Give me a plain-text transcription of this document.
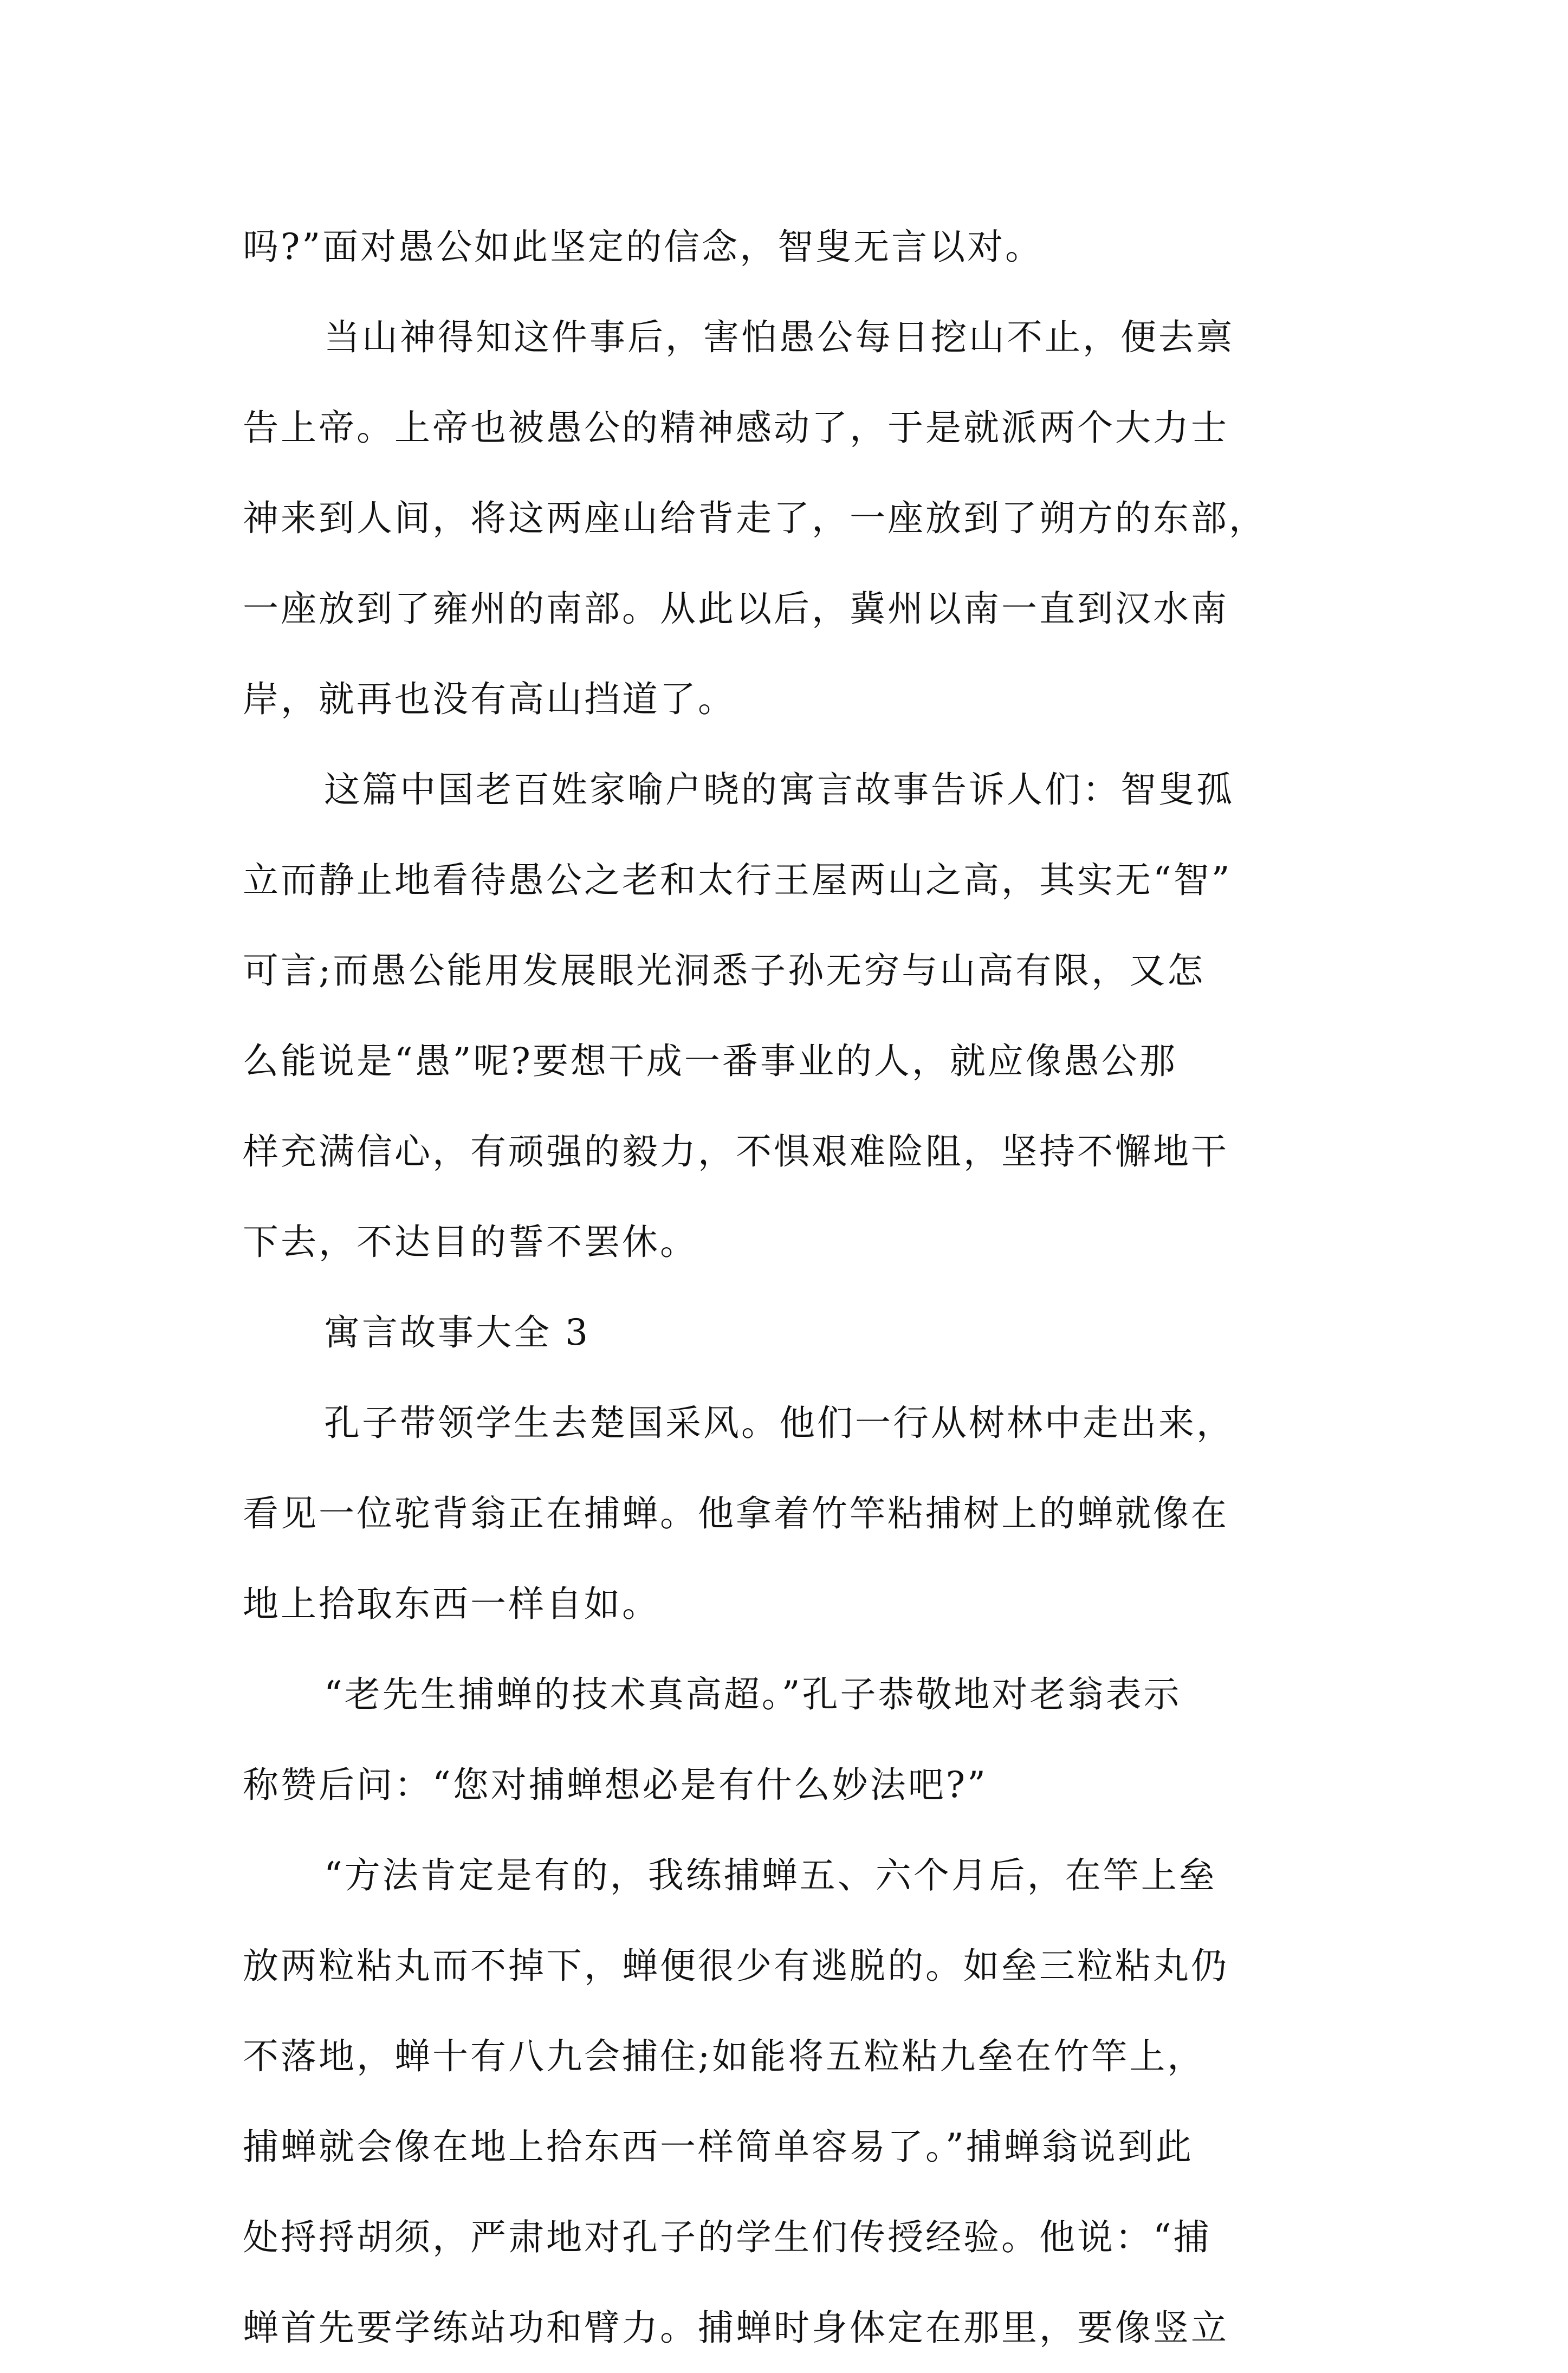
吗?”面对愚公如此坚定的信念，智叟无言以对。
当山神得知这件事后，害怕愚公每日挖山不止，便去禀
告上帝。上帝也被愚公的精神感动了，于是就派两个大力士
神来到人间，将这两座山给背走了，一座放到了朔方的东部，
一座放到了雍州的南部。从此以后，冀州以南一直到汉水南
岸，就再也没有高山挡道了。
这篇中国老百姓家喻户晓的寓言故事告诉人们：智叟孤
立而静止地看待愚公之老和太行王屋两山之高，其实无“智”
可言;而愚公能用发展眼光洞悉子孙无穷与山高有限，又怎
么能说是“愚”呢?要想干成一番事业的人，就应像愚公那
样充满信心，有顽强的毅力，不惧艰难险阻，坚持不懈地干
下去，不达目的誓不罢休。
寓言故事大全 3
孔子带领学生去楚国采风。他们一行从树林中走出来，
看见一位驼背翁正在捕蝉。他拿着竹竿粘捕树上的蝉就像在
地上拾取东西一样自如。
“老先生捕蝉的技术真高超。”孔子恭敬地对老翁表示
称赞后问：“您对捕蝉想必是有什么妙法吧?”
“方法肯定是有的，我练捕蝉五、六个月后，在竿上垒
放两粒粘丸而不掉下，蝉便很少有逃脱的。如垒三粒粘丸仍
不落地，蝉十有八九会捕住;如能将五粒粘九垒在竹竿上，
捕蝉就会像在地上拾东西一样简单容易了。”捕蝉翁说到此
处捋捋胡须，严肃地对孔子的学生们传授经验。他说：“捕
蝉首先要学练站功和臂力。捕蝉时身体定在那里，要像竖立
